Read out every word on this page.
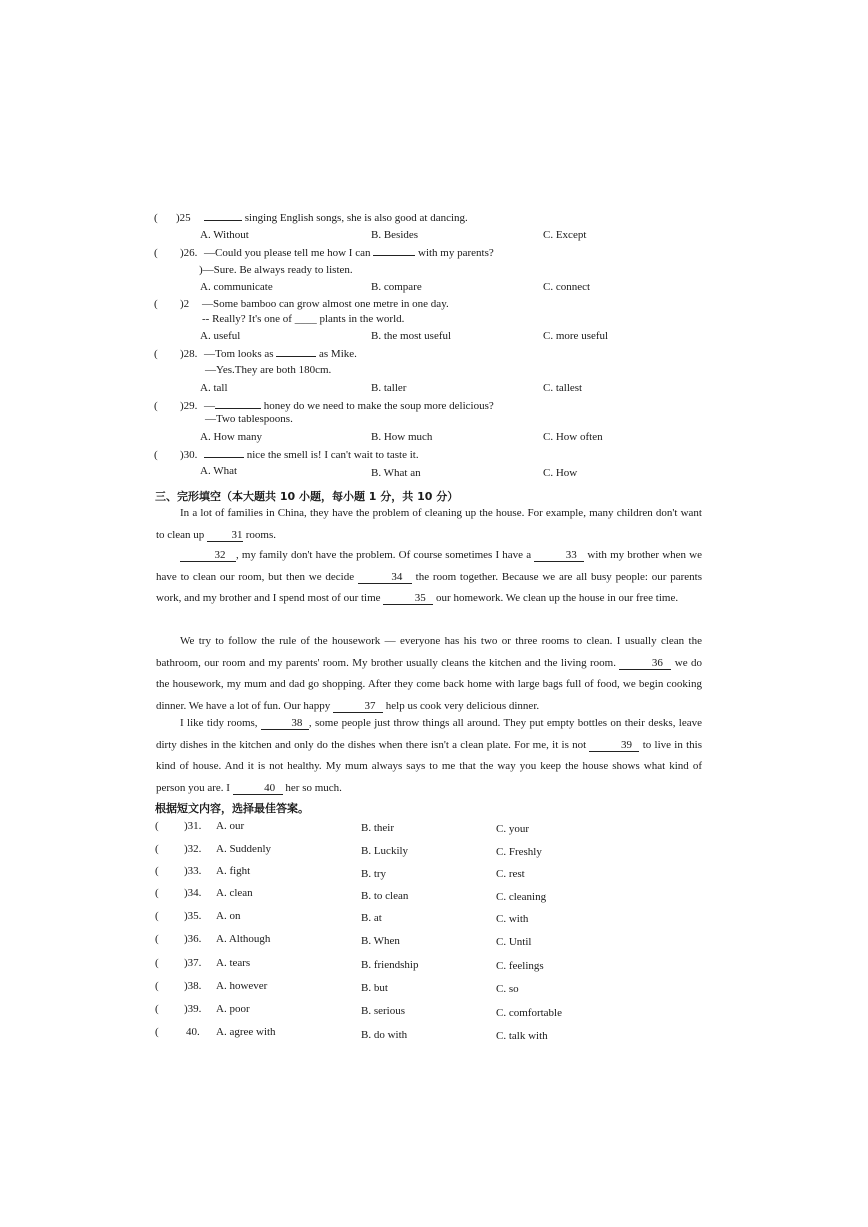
( )25	singing English songs, she is also good at dancing.
A. Without	B. Besides	C. Except
( )26. —Could you please tell me how I can	with my parents?
)—Sure. Be always ready to listen.
A. communicate	B. compare	C. connect
( )2 —Some bamboo can grow almost one metre in one day.
-- Really? It's one of ____ plants in the world.
A. useful	B. the most useful	C. more useful
( )28. —Tom looks as	as Mike.
—Yes.They are both 180cm.
A. tall	B. taller	C. tallest
( )29. —	honey do we need to make the soup more delicious?
—Two tablespoons.
A. How many	B. How much	C. How often
( )30.	nice the smell is! I can't wait to taste it.
A. What	B. What an	C. How
三、完形填空（本大题共 10 小题，每小题 1 分，共 10 分）
In a lot of families in China, they have the problem of cleaning up the house. For example, many children don't want to clean up 31 rooms.
32 , my family don't have the problem. Of course sometimes I have a	33 with my brother when we have to clean our room, but then we decide	34 the room together. Because we are all busy people: our parents work, and my brother and I spend most of our time	35 our homework. We clean up the house in our free time.
We try to follow the rule of the housework — everyone has his two or three rooms to clean. I usually clean the bathroom, our room and my parents' room. My brother usually cleans the kitchen and the living room.	36 we do the housework, my mum and dad go shopping. After they come back home with large bags full of food, we begin cooking dinner. We have a lot of fun. Our happy	37 help us cook very delicious dinner.
I like tidy rooms,	38 , some people just throw things all around. They put empty bottles on their desks, leave dirty dishes in the kitchen and only do the dishes when there isn't a clean plate. For me, it is not	39 to live in this kind of house. And it is not healthy. My mum always says to me that the way you keep the house shows what kind of person you are. I	40 her so much.
根据短文内容，选择最佳答案。
( )31. A. our	B. their	C. your
( )32. A. Suddenly	B. Luckily	C. Freshly
( )33. A. fight	B. try	C. rest
( )34. A. clean	B. to clean	C. cleaning
( )35. A. on	B. at	C. with
( )36. A. Although	B. When	C. Until
( )37. A. tears	B. friendship	C. feelings
( )38. A. however	B. but	C. so
( )39. A. poor	B. serious	C. comfortable
( 40. A. agree with	B. do with	C. talk with
